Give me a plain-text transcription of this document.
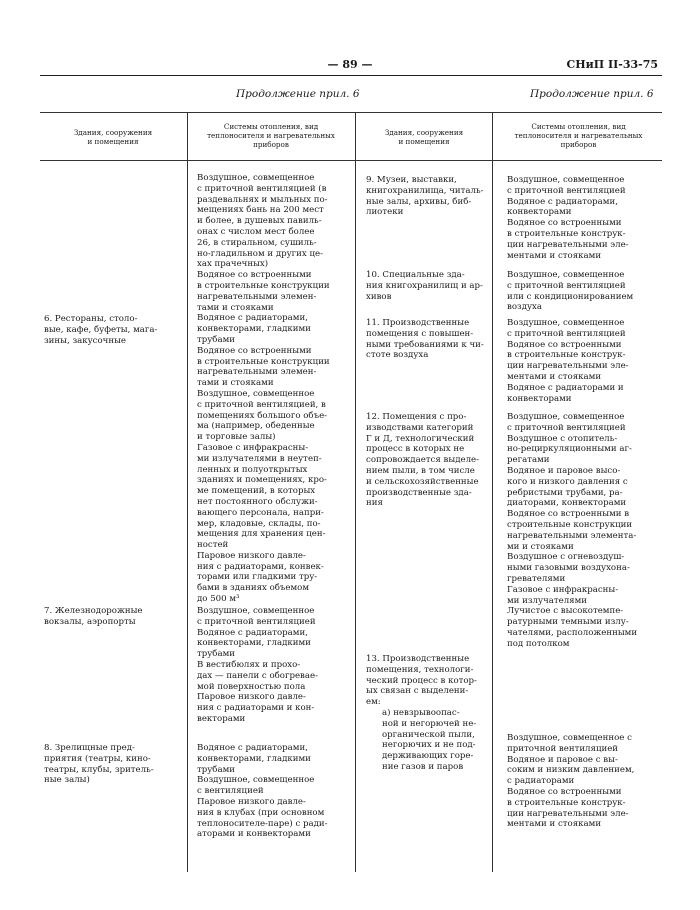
— 89 —	СНиП II-33-75
Продолжение прил. 6	Продолжение прил. 6
Здания, сооружения
и помещения
Системы отопления, вид
теплоносителя и нагревательных
приборов
Здания, сооружения
и помещения
Системы отопления, вид
теплоносителя и нагревательных
приборов
6. Рестораны, столо-
вые, кафе, буфеты, мага-
зины, закусочные
Воздушное, совмещенное
с приточной вентиляцией (в
раздевальнях и мыльных по-
мещениях бань на 200 мест
и более, в душевых павиль-
онах с числом мест более
26, в стиральном, сушиль-
но-гладильном и других це-
хах прачечных)
Водяное со встроенными
в строительные конструкции
нагревательными элемен-
тами и стояками
Водяное с радиаторами,
конвекторами, гладкими
трубами
Водяное со встроенными
в строительные конструкции
нагревательными элемен-
тами и стояками
Воздушное, совмещенное
с приточной вентиляцией, в
помещениях большого объе-
ма (например, обеденные
и торговые залы)
Газовое с инфракрасны-
ми излучателями в неутеп-
ленных и полуоткрытых
зданиях и помещениях, кро-
ме помещений, в которых
нет постоянного обслужи-
вающего персонала, напри-
мер, кладовые, склады, по-
мещения для хранения цен-
ностей
Паровое низкого давле-
ния с радиаторами, конвек-
торами или гладкими тру-
бами в зданиях объемом
до 500 м³
7. Железнодорожные
вокзалы, аэропорты
Воздушное, совмещенное
с приточной вентиляцией
Водяное с радиаторами,
конвекторами, гладкими
трубами
В вестибюлях и прохо-
дах — панели с обогревае-
мой поверхностью пола
Паровое низкого давле-
ния с радиаторами и кон-
векторами
8. Зрелищные пред-
приятия (театры, кино-
театры, клубы, зритель-
ные залы)
Водяное с радиаторами,
конвекторами, гладкими
трубами
Воздушное, совмещенное
с вентиляцией
Паровое низкого давле-
ния в клубах (при основном
теплоносителе-паре) с ради-
аторами и конвекторами
9. Музеи, выставки,
книгохранилища, читаль-
ные залы, архивы, биб-
лиотеки
Воздушное, совмещенное
с приточной вентиляцией
Водяное с радиаторами,
конвекторами
Водяное со встроенными
в строительные конструк-
ции нагревательными эле-
ментами и стояками
10. Специальные зда-
ния книгохранилищ и ар-
хивов
Воздушное, совмещенное
с приточной вентиляцией
или с кондиционированием
воздуха
11. Производственные
помещения с повышен-
ными требованиями к чи-
стоте воздуха
Воздушное, совмещенное
с приточной вентиляцией
Водяное со встроенными
в строительные конструк-
ции нагревательными эле-
ментами и стояками
Водяное с радиаторами и
конвекторами
12. Помещения с про-
изводствами категорий
Г и Д, технологический
процесс в которых не
сопровождается выделе-
нием пыли, в том числе
и сельскохозяйственные
производственные зда-
ния
Воздушное, совмещенное
с приточной вентиляцией
Воздушное с отопитель-
но-рециркуляционными аг-
регатами
Водяное и паровое высо-
кого и низкого давления с
ребристыми трубами, ра-
диаторами, конвекторами
Водяное со встроенными в
строительные конструкции
нагревательными элемента-
ми и стояками
Воздушное с огневоздуш-
ными газовыми воздухона-
гревателями
Газовое с инфракрасны-
ми излучателями
Лучистое с высокотемпе-
ратурными темными излу-
чателями, расположенными
под потолком
13. Производственные
помещения, технологи-
ческий процесс в котор-
ых связан с выделени-
ем:
а) невзрывоопас-
ной и негорючей не-
органической пыли,
негорючих и не под-
держивающих горе-
ние газов и паров
Воздушное, совмещенное с
приточной вентиляцией
Водяное и паровое с вы-
соким и низким давлением,
с радиаторами
Водяное со встроенными
в строительные конструк-
ции нагревательными эле-
ментами и стояками
